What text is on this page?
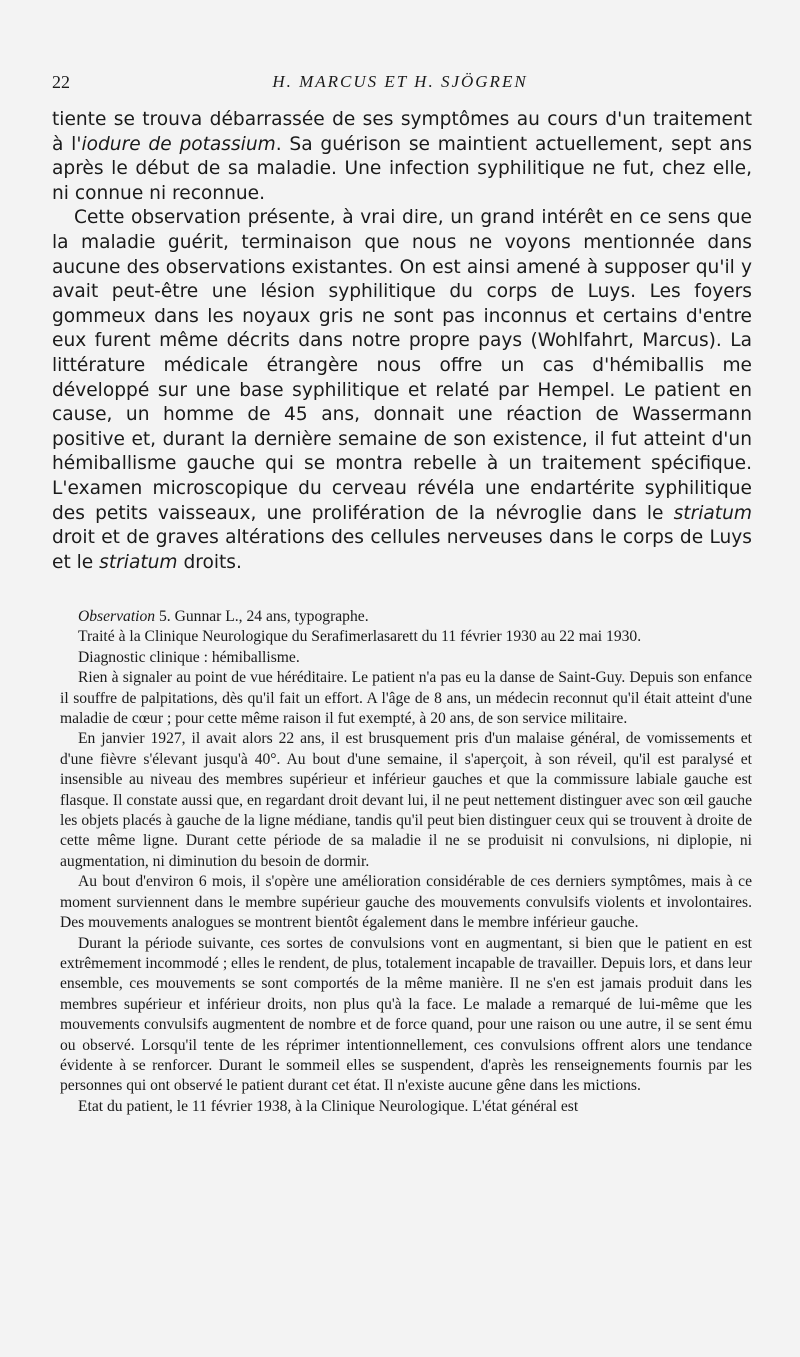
22	H. MARCUS ET H. SJÖGREN

tiente se trouva débarrassée de ses symptômes au cours d'un traitement à l'iodure de potassium. Sa guérison se maintient actuellement, sept ans après le début de sa maladie. Une infection syphilitique ne fut, chez elle, ni connue ni reconnue.

Cette observation présente, à vrai dire, un grand intérêt en ce sens que la maladie guérit, terminaison que nous ne voyons mentionnée dans aucune des observations existantes. On est ainsi amené à supposer qu'il y avait peut-être une lésion syphilitique du corps de Luys. Les foyers gommeux dans les noyaux gris ne sont pas inconnus et certains d'entre eux furent même décrits dans notre propre pays (Wohlfahrt, Marcus). La littérature médicale étrangère nous offre un cas d'hémiballis me développé sur une base syphilitique et relaté par Hempel. Le patient en cause, un homme de 45 ans, donnait une réaction de Wassermann positive et, durant la dernière semaine de son existence, il fut atteint d'un hémiballisme gauche qui se montra rebelle à un traitement spécifique. L'examen microscopique du cerveau révéla une endartérite syphilitique des petits vaisseaux, une prolifération de la névroglie dans le striatum droit et de graves altérations des cellules nerveuses dans le corps de Luys et le striatum droits.

Observation 5. Gunnar L., 24 ans, typographe.

Traité à la Clinique Neurologique du Serafimerlasarett du 11 février 1930 au 22 mai 1930.

Diagnostic clinique : hémiballisme.

Rien à signaler au point de vue héréditaire. Le patient n'a pas eu la danse de Saint-Guy. Depuis son enfance il souffre de palpitations, dès qu'il fait un effort. A l'âge de 8 ans, un médecin reconnut qu'il était atteint d'une maladie de cœur ; pour cette même raison il fut exempté, à 20 ans, de son service militaire.

En janvier 1927, il avait alors 22 ans, il est brusquement pris d'un malaise général, de vomissements et d'une fièvre s'élevant jusqu'à 40°. Au bout d'une semaine, il s'aperçoit, à son réveil, qu'il est paralysé et insensible au niveau des membres supérieur et inférieur gauches et que la commissure labiale gauche est flasque. Il constate aussi que, en regardant droit devant lui, il ne peut nettement distinguer avec son œil gauche les objets placés à gauche de la ligne médiane, tandis qu'il peut bien distinguer ceux qui se trouvent à droite de cette même ligne. Durant cette période de sa maladie il ne se produisit ni convulsions, ni diplopie, ni augmentation, ni diminution du besoin de dormir.

Au bout d'environ 6 mois, il s'opère une amélioration considérable de ces derniers symptômes, mais à ce moment surviennent dans le membre supérieur gauche des mouvements convulsifs violents et involontaires. Des mouvements analogues se montrent bientôt également dans le membre inférieur gauche.

Durant la période suivante, ces sortes de convulsions vont en augmentant, si bien que le patient en est extrêmement incommodé ; elles le rendent, de plus, totalement incapable de travailler. Depuis lors, et dans leur ensemble, ces mouvements se sont comportés de la même manière. Il ne s'en est jamais produit dans les membres supérieur et inférieur droits, non plus qu'à la face. Le malade a remarqué de lui-même que les mouvements convulsifs augmentent de nombre et de force quand, pour une raison ou une autre, il se sent ému ou observé. Lorsqu'il tente de les réprimer intentionnellement, ces convulsions offrent alors une tendance évidente à se renforcer. Durant le sommeil elles se suspendent, d'après les renseignements fournis par les personnes qui ont observé le patient durant cet état. Il n'existe aucune gêne dans les mictions.

Etat du patient, le 11 février 1938, à la Clinique Neurologique. L'état général est
